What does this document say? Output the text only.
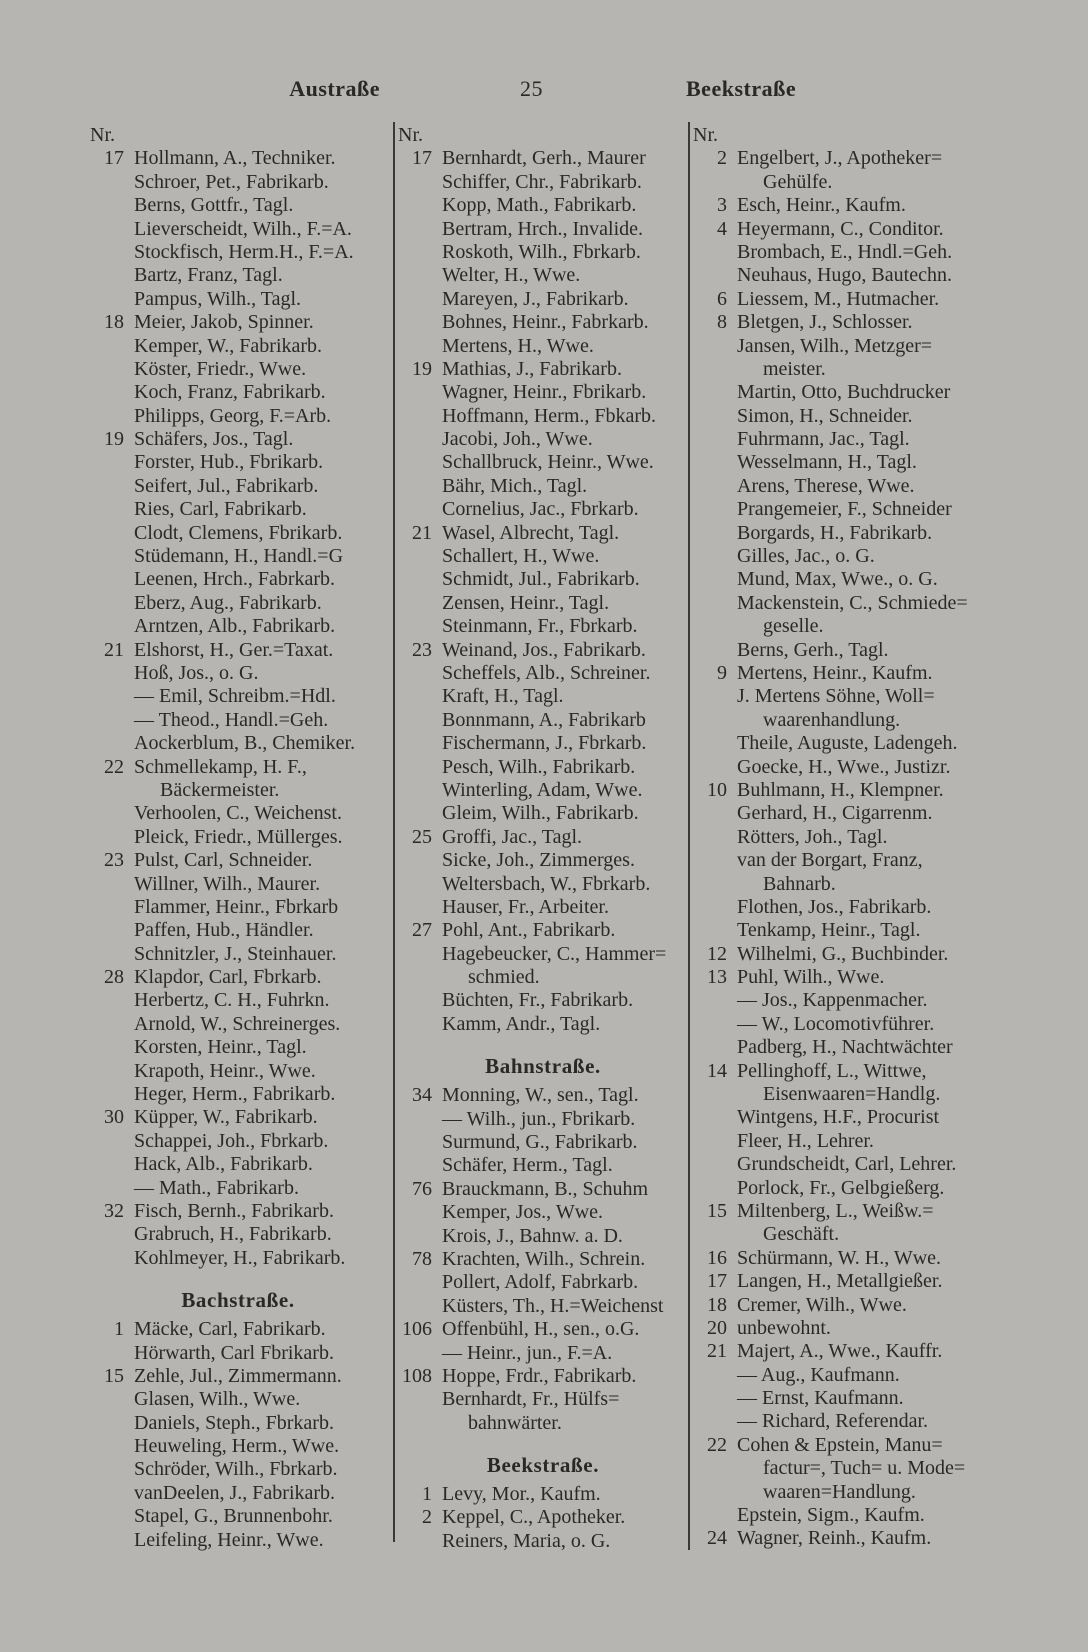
Austraße	25	Beekstraße
Nr.
17 Hollmann, A., Techniker.
Schroer, Pet., Fabrikarb.
Berns, Gottfr., Tagl.
Lieverscheidt, Wilh., F.=A.
Stockfisch, Herm.H., F.=A.
Bartz, Franz, Tagl.
Pampus, Wilh., Tagl.
18 Meier, Jakob, Spinner.
Kemper, W., Fabrikarb.
Köster, Friedr., Wwe.
Koch, Franz, Fabrikarb.
Philipps, Georg, F.=Arb.
19 Schäfers, Jos., Tagl.
Forster, Hub., Fbrikarb.
Seifert, Jul., Fabrikarb.
Ries, Carl, Fabrikarb.
Clodt, Clemens, Fbrikarb.
Stüdemann, H., Handl.=G
Leenen, Hrch., Fabrkarb.
Eberz, Aug., Fabrikarb.
Arntzen, Alb., Fabrikarb.
21 Elshorst, H., Ger.=Taxat.
Hoß, Jos., o. G.
— Emil, Schreibm.=Hdl.
— Theod., Handl.=Geh.
Aockerblum, B., Chemiker.
22 Schmellekamp, H. F.,
Bäckermeister.
Verhoolen, C., Weichenst.
Pleick, Friedr., Müllerges.
23 Pulst, Carl, Schneider.
Willner, Wilh., Maurer.
Flammer, Heinr., Fbrkarb
Paffen, Hub., Händler.
Schnitzler, J., Steinhauer.
28 Klapdor, Carl, Fbrkarb.
Herbertz, C. H., Fuhrkn.
Arnold, W., Schreinerges.
Korsten, Heinr., Tagl.
Krapoth, Heinr., Wwe.
Heger, Herm., Fabrikarb.
30 Küpper, W., Fabrikarb.
Schappei, Joh., Fbrkarb.
Hack, Alb., Fabrikarb.
— Math., Fabrikarb.
32 Fisch, Bernh., Fabrikarb.
Grabruch, H., Fabrikarb.
Kohlmeyer, H., Fabrikarb.
Bachstraße.
1 Mäcke, Carl, Fabrikarb.
Hörwarth, Carl Fbrikarb.
15 Zehle, Jul., Zimmermann.
Glasen, Wilh., Wwe.
Daniels, Steph., Fbrkarb.
Heuweling, Herm., Wwe.
Schröder, Wilh., Fbrkarb.
vanDeelen, J., Fabrikarb.
Stapel, G., Brunnenbohr.
Leifeling, Heinr., Wwe.
Nr.
17 Bernhardt, Gerh., Maurer
Schiffer, Chr., Fabrikarb.
Kopp, Math., Fabrikarb.
Bertram, Hrch., Invalide.
Roskoth, Wilh., Fbrkarb.
Welter, H., Wwe.
Mareyen, J., Fabrikarb.
Bohnes, Heinr., Fabrkarb.
Mertens, H., Wwe.
19 Mathias, J., Fabrikarb.
Wagner, Heinr., Fbrikarb.
Hoffmann, Herm., Fbkarb.
Jacobi, Joh., Wwe.
Schallbruck, Heinr., Wwe.
Bähr, Mich., Tagl.
Cornelius, Jac., Fbrkarb.
21 Wasel, Albrecht, Tagl.
Schallert, H., Wwe.
Schmidt, Jul., Fabrikarb.
Zensen, Heinr., Tagl.
Steinmann, Fr., Fbrkarb.
23 Weinand, Jos., Fabrikarb.
Scheffels, Alb., Schreiner.
Kraft, H., Tagl.
Bonnmann, A., Fabrikarb
Fischermann, J., Fbrkarb.
Pesch, Wilh., Fabrikarb.
Winterling, Adam, Wwe.
Gleim, Wilh., Fabrikarb.
25 Groffi, Jac., Tagl.
Sicke, Joh., Zimmerges.
Weltersbach, W., Fbrkarb.
Hauser, Fr., Arbeiter.
27 Pohl, Ant., Fabrikarb.
Hagebeucker, C., Hammer=
schmied.
Büchten, Fr., Fabrikarb.
Kamm, Andr., Tagl.
Bahnstraße.
34 Monning, W., sen., Tagl.
— Wilh., jun., Fbrikarb.
Surmund, G., Fabrikarb.
Schäfer, Herm., Tagl.
76 Brauckmann, B., Schuhm
Kemper, Jos., Wwe.
Krois, J., Bahnw. a. D.
78 Krachten, Wilh., Schrein.
Pollert, Adolf, Fabrkarb.
Küsters, Th., H.=Weichenst
106 Offenbühl, H., sen., o.G.
— Heinr., jun., F.=A.
108 Hoppe, Frdr., Fabrikarb.
Bernhardt, Fr., Hülfs=
bahnwärter.
Beekstraße.
1 Levy, Mor., Kaufm.
2 Keppel, C., Apotheker.
Reiners, Maria, o. G.
Nr.
2 Engelbert, J., Apotheker=
Gehülfe.
3 Esch, Heinr., Kaufm.
4 Heyermann, C., Conditor.
Brombach, E., Hndl.=Geh.
Neuhaus, Hugo, Bautechn.
6 Liessem, M., Hutmacher.
8 Bletgen, J., Schlosser.
Jansen, Wilh., Metzger=
meister.
Martin, Otto, Buchdrucker
Simon, H., Schneider.
Fuhrmann, Jac., Tagl.
Wesselmann, H., Tagl.
Arens, Therese, Wwe.
Prangemeier, F., Schneider
Borgards, H., Fabrikarb.
Gilles, Jac., o. G.
Mund, Max, Wwe., o. G.
Mackenstein, C., Schmiede=
geselle.
Berns, Gerh., Tagl.
9 Mertens, Heinr., Kaufm.
J. Mertens Söhne, Woll=
waarenhandlung.
Theile, Auguste, Ladengeh.
Goecke, H., Wwe., Justizr.
10 Buhlmann, H., Klempner.
Gerhard, H., Cigarrenm.
Rötters, Joh., Tagl.
van der Borgart, Franz,
Bahnarb.
Flothen, Jos., Fabrikarb.
Tenkamp, Heinr., Tagl.
12 Wilhelmi, G., Buchbinder.
13 Puhl, Wilh., Wwe.
— Jos., Kappenmacher.
— W., Locomotivführer.
Padberg, H., Nachtwächter
14 Pellinghoff, L., Wittwe,
Eisenwaaren=Handlg.
Wintgens, H.F., Procurist
Fleer, H., Lehrer.
Grundscheidt, Carl, Lehrer.
Porlock, Fr., Gelbgießerg.
15 Miltenberg, L., Weißw.=
Geschäft.
16 Schürmann, W. H., Wwe.
17 Langen, H., Metallgießer.
18 Cremer, Wilh., Wwe.
20 unbewohnt.
21 Majert, A., Wwe., Kauffr.
— Aug., Kaufmann.
— Ernst, Kaufmann.
— Richard, Referendar.
22 Cohen & Epstein, Manu=
factur=, Tuch= u. Mode=
waaren=Handlung.
Epstein, Sigm., Kaufm.
24 Wagner, Reinh., Kaufm.
